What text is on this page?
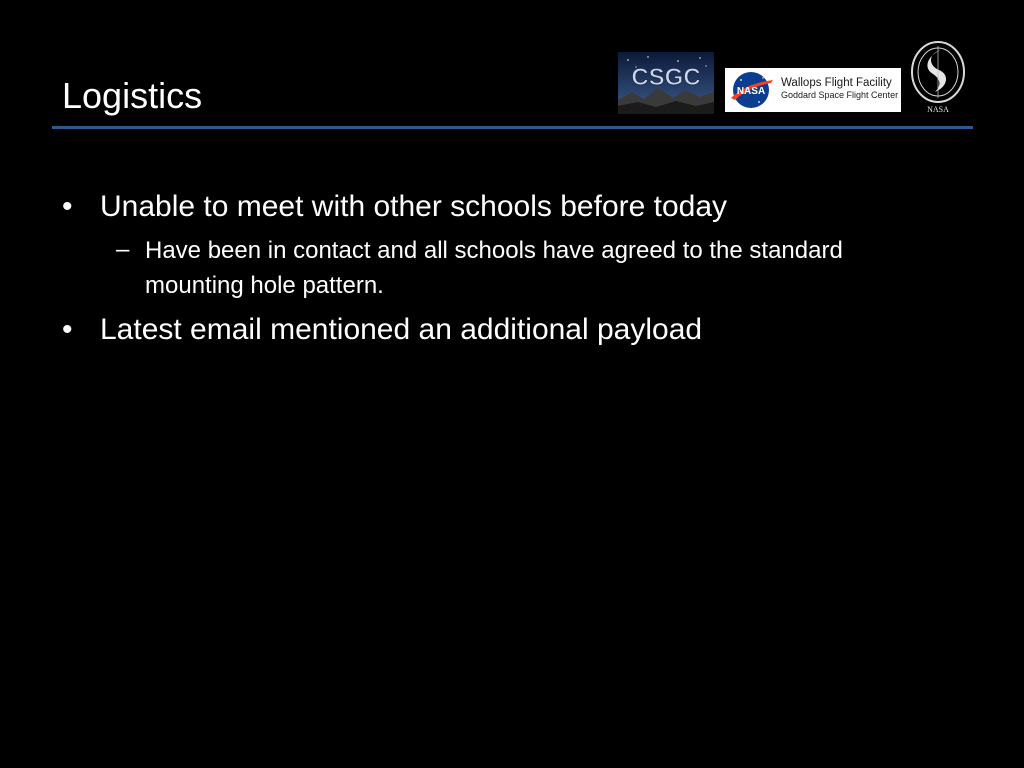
Logistics	CSGC
NASA
Wallops Flight Facility
Goddard Space Flight Center
NASA
• Unable to meet with other schools before today
– Have been in contact and all schools have agreed to the standard mounting hole pattern.
• Latest email mentioned an additional payload
